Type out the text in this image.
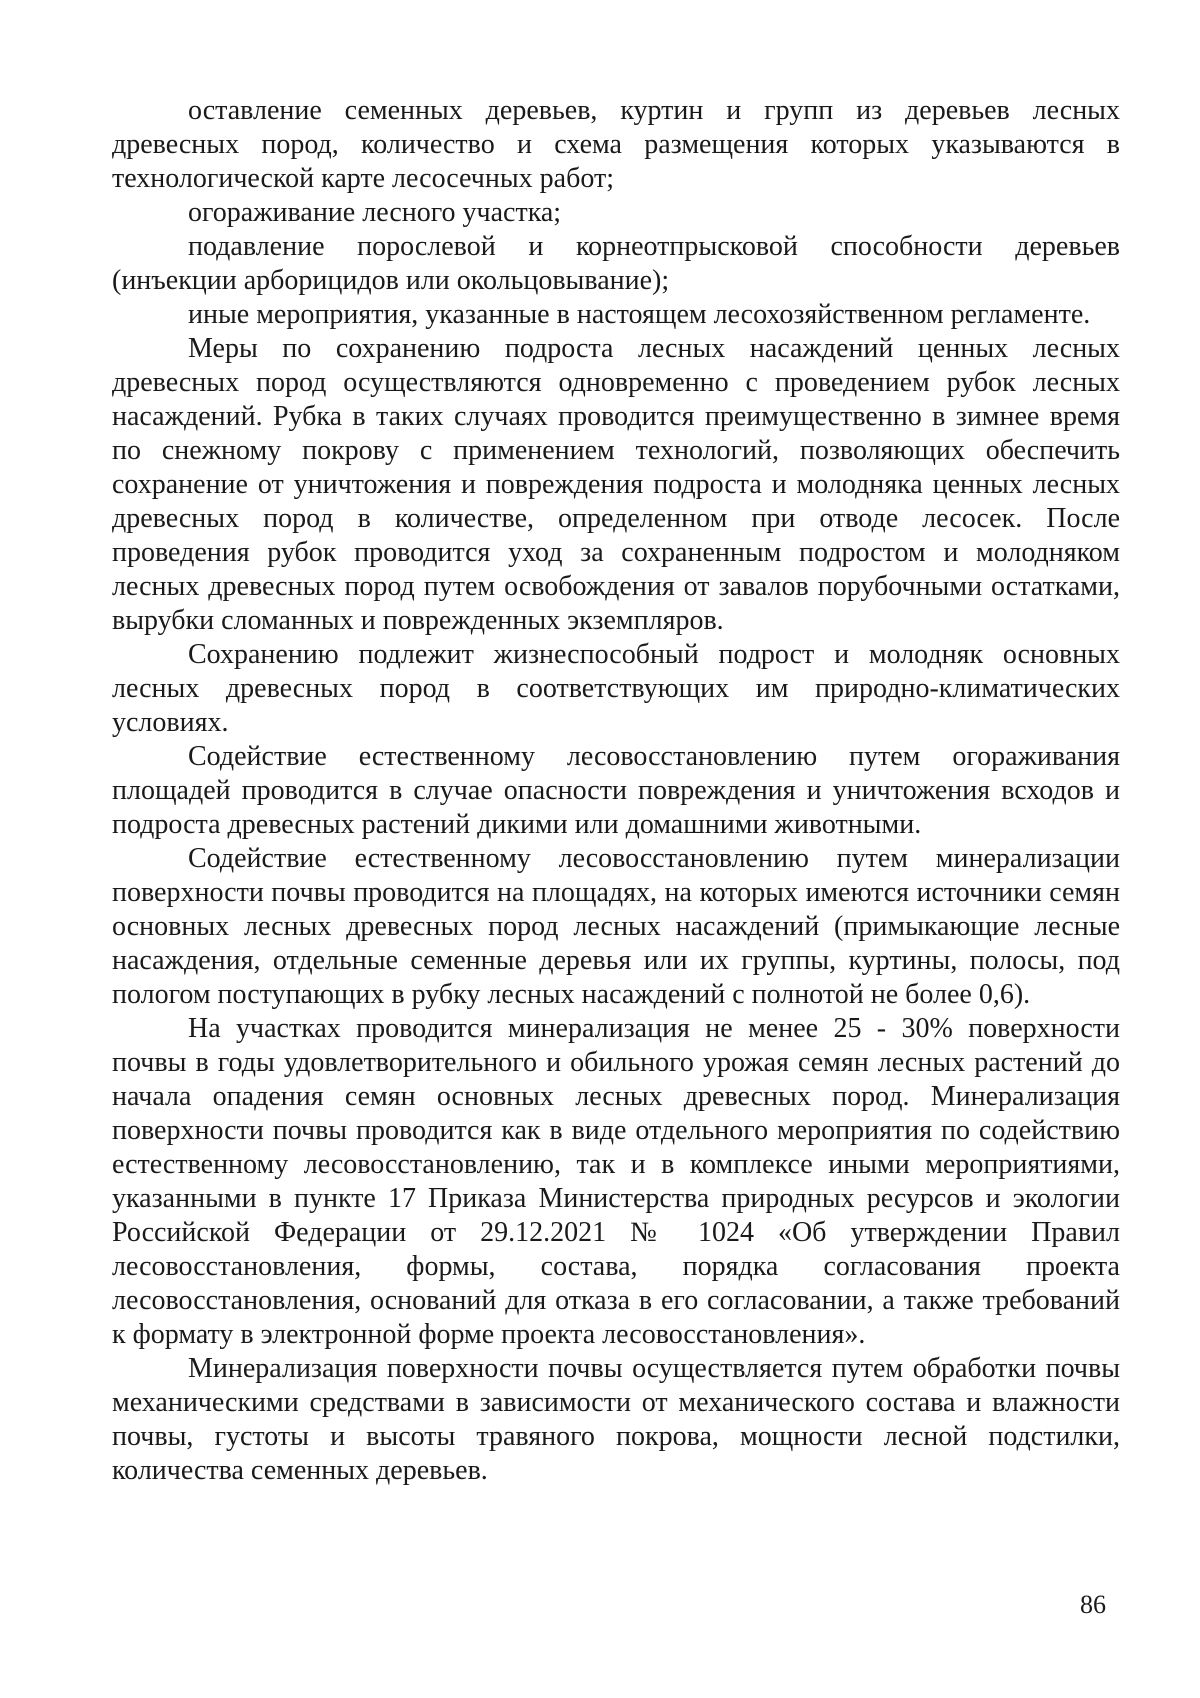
оставление семенных деревьев, куртин и групп из деревьев лесных древесных пород, количество и схема размещения которых указываются в технологической карте лесосечных работ;

огораживание лесного участка;

подавление порослевой и корнеотпрысковой способности деревьев (инъекции арборицидов или окольцовывание);

иные мероприятия, указанные в настоящем лесохозяйственном регламенте.

Меры по сохранению подроста лесных насаждений ценных лесных древесных пород осуществляются одновременно с проведением рубок лесных насаждений. Рубка в таких случаях проводится преимущественно в зимнее время по снежному покрову с применением технологий, позволяющих обеспечить сохранение от уничтожения и повреждения подроста и молодняка ценных лесных древесных пород в количестве, определенном при отводе лесосек. После проведения рубок проводится уход за сохраненным подростом и молодняком лесных древесных пород путем освобождения от завалов порубочными остатками, вырубки сломанных и поврежденных экземпляров.

Сохранению подлежит жизнеспособный подрост и молодняк основных лесных древесных пород в соответствующих им природно-климатических условиях.

Содействие естественному лесовосстановлению путем огораживания площадей проводится в случае опасности повреждения и уничтожения всходов и подроста древесных растений дикими или домашними животными.

Содействие естественному лесовосстановлению путем минерализации поверхности почвы проводится на площадях, на которых имеются источники семян основных лесных древесных пород лесных насаждений (примыкающие лесные насаждения, отдельные семенные деревья или их группы, куртины, полосы, под пологом поступающих в рубку лесных насаждений с полнотой не более 0,6).

На участках проводится минерализация не менее 25 - 30% поверхности почвы в годы удовлетворительного и обильного урожая семян лесных растений до начала опадения семян основных лесных древесных пород. Минерализация поверхности почвы проводится как в виде отдельного мероприятия по содействию естественному лесовосстановлению, так и в комплексе иными мероприятиями, указанными в пункте 17 Приказа Министерства природных ресурсов и экологии Российской Федерации от 29.12.2021 № 1024 «Об утверждении Правил лесовосстановления, формы, состава, порядка согласования проекта лесовосстановления, оснований для отказа в его согласовании, а также требований к формату в электронной форме проекта лесовосстановления».

Минерализация поверхности почвы осуществляется путем обработки почвы механическими средствами в зависимости от механического состава и влажности почвы, густоты и высоты травяного покрова, мощности лесной подстилки, количества семенных деревьев.

86
